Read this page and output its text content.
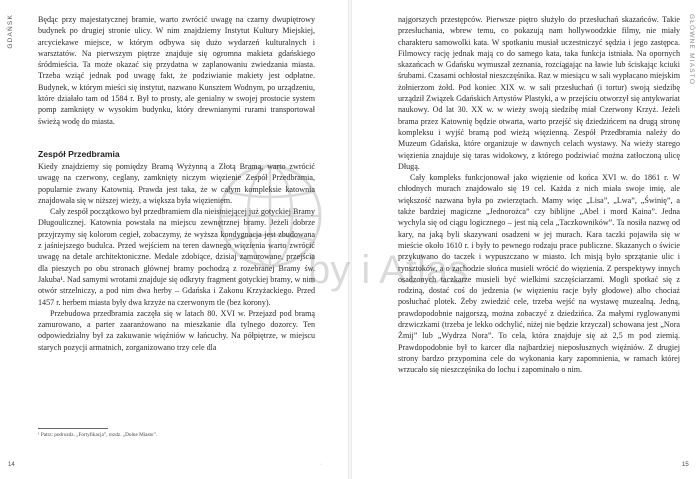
GDAŃSK	Będąc przy majestatycznej bramie, warto zwrócić uwagę na czarny dwupiętrowy budynek po drugiej stronie ulicy. W nim znajdziemy Instytut Kultury Miejskiej, arcyciekawe miejsce, w którym odbywa się dużo wydarzeń kulturalnych i warsztatów. Na pierwszym piętrze znajduje się ogromna makieta gdańskiego śródmieścia. Ta może okazać się przydatna w zaplanowaniu zwiedzania miasta. Trzeba wziąć jednak pod uwagę fakt, że podziwianie makiety jest odpłatne. Budynek, w którym mieści się instytut, nazwano Kunsztem Wodnym, po urządzeniu, które działało tam od 1584 r. Był to prosty, ale genialny w swojej prostocie system pomp zamknięty w wysokim budynku, który drewnianymi rurami transportował świeżą wodę do miasta.

Zespół Przedbramia

Kiedy znajdziemy się pomiędzy Bramą Wyżynną a Złotą Bramą, warto zwrócić uwagę na czerwony, ceglany, zamknięty niczym więzienie Zespół Przedbramia, popularnie zwany Katownią. Prawda jest taka, że w całym kompleksie katownia znajdowała się w niższej wieży, a większa była więzieniem.

Cały zespół początkowo był przedbramiem dla nieistniejącej już gotyckiej Bramy Długoulicznej. Katownia powstała na miejscu zewnętrznej bramy. Jeżeli dobrze przyjrzymy się kolorom cegieł, zobaczymy, że wyższa kondygnacja jest zbudowana z jaśniejszego budulca. Przed wejściem na teren dawnego więzienia warto zwrócić uwagę na detale architektoniczne. Medale zdobiące, dzisiaj zamurowane, przejścia dla pieszych po obu stronach głównej bramy pochodzą z rozebranej Bramy św. Jakuba¹. Nad samymi wrotami znajduje się odkryty fragment gotyckiej bramy, w nim otwór strzelniczy, a pod nim dwa herby – Gdańska i Zakonu Krzyżackiego. Przed 1457 r. herbem miasta były dwa krzyże na czerwonym tle (bez korony).

Przebudowa przedbramia zaczęła się w latach 80. XVI w. Przejazd pod bramą zamurowano, a parter zaaranżowano na mieszkanie dla tylnego dozorcy. Ten odpowiedzialny był za zakuwanie więźniów w łańcuchy. Na półpiętrze, w miejscu starych pozycji armatnich, zorganizowano trzy cele dla

¹ Patrz: podrozdz. „Fortyfikacja”, rozdz. „Dolne Miasto”.
14	·
GŁÓWNE MIASTO

najgorszych przestępców. Pierwsze piętro służyło do przesłuchań skazańców. Takie przesłuchania, wbrew temu, co pokazują nam hollywoodzkie filmy, nie miały charakteru samowolki kata. W spotkaniu musiał uczestniczyć sędzia i jego zastępca. Filmowcy rację jednak mają co do samego kata, taka funkcja istniała. Na opornych skazańcach w Gdańsku wymuszał zeznania, rozciągając na ławie lub ściskając kciuki śrubami. Czasami ochłostał nieszczęśnika. Raz w miesiącu w sali wypłacano miejskim żołnierzom żołd. Pod koniec XIX w. w sali przesłuchań (i tortur) swoją siedzibę urządził Związek Gdańskich Artystów Plastyki, a w przejściu otworzył się antykwariat naukowy. Od lat 30. XX w. w wieży swoją siedzibę miał Czerwony Krzyż. Jeżeli brama przez Katownię będzie otwarta, warto przejść się dziedzińcem na drugą stronę kompleksu i wyjść bramą pod wieżą więzienną. Zespół Przedbramia należy do Muzeum Gdańska, które organizuje w dawnych celach wystawy. Na wieży starego więzienia znajduje się taras widokowy, z którego podziwiać można zatłoczoną ulicę Długą.

Cały kompleks funkcjonował jako więzienie od końca XVI w. do 1861 r. W chłodnych murach znajdowało się 19 cel. Każda z nich miała swoje imię, ale większość nazwana była po zwierzętach. Mamy więc „Lisa”, „Lwa”, „Świnię”, a także bardziej magiczne „Jednorożca” czy biblijne „Abel i mord Kaina”. Jedna wychyla się od ciągu logicznego – jest nią cela „Taczkowników”. Ta nosiła nazwę od kary, na jaką byli skazywani osadzeni w jej murach. Kara taczki pojawiła się w mieście około 1610 r. i były to pewnego rodzaju prace publiczne. Skazanych o świcie przykuwano do taczek i wypuszczano w miasto. Ich misją było sprzątanie ulic i rynsztoków, a o zachodzie słońca musieli wrócić do więzienia. Z perspektywy innych osadzonych taczkarze musieli być wielkimi szczęściarzami. Mogli spotkać się z rodziną, dostać coś do jedzenia (w więzieniu racje były głodowe) albo chociaż posłuchać plotek. Żeby zwiedzić cele, trzeba wejść na wystawę muzealną. Jedną, prawdopodobnie najgorszą, można zobaczyć z dziedzińca. Za małymi ryglowanymi drzwiczkami (trzeba je lekko odchylić, niżej nie będzie krzyczał) schowana jest „Nora Żmij” lub „Wydrza Nora”. To cela, która znajduje się aż 2,5 m pod ziemią. Prawdopodobnie był to karcer dla najbardziej nieposłusznych więźniów. Z drugiej strony bardzo przypomina cele do wykonania kary zapomnienia, w ramach której wrzucało się nieszczęśnika do lochu i zapominało o nim.

15
by i Atlas
